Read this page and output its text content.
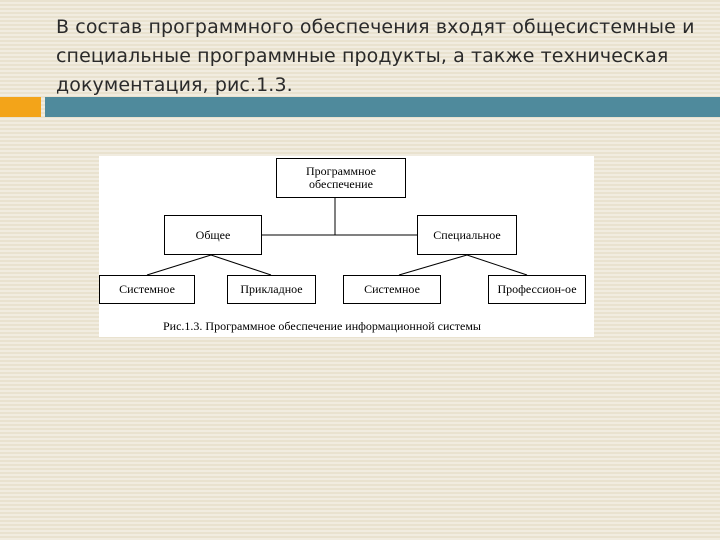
В состав программного обеспечения входят общесистемные и специальные программные продукты, а также техническая документация, рис.1.3.
Программное
обеспечение
Общее	Специальное
Системное	Прикладное	Системное	Профессион-ое
Рис.1.3. Программное обеспечение информационной системы
